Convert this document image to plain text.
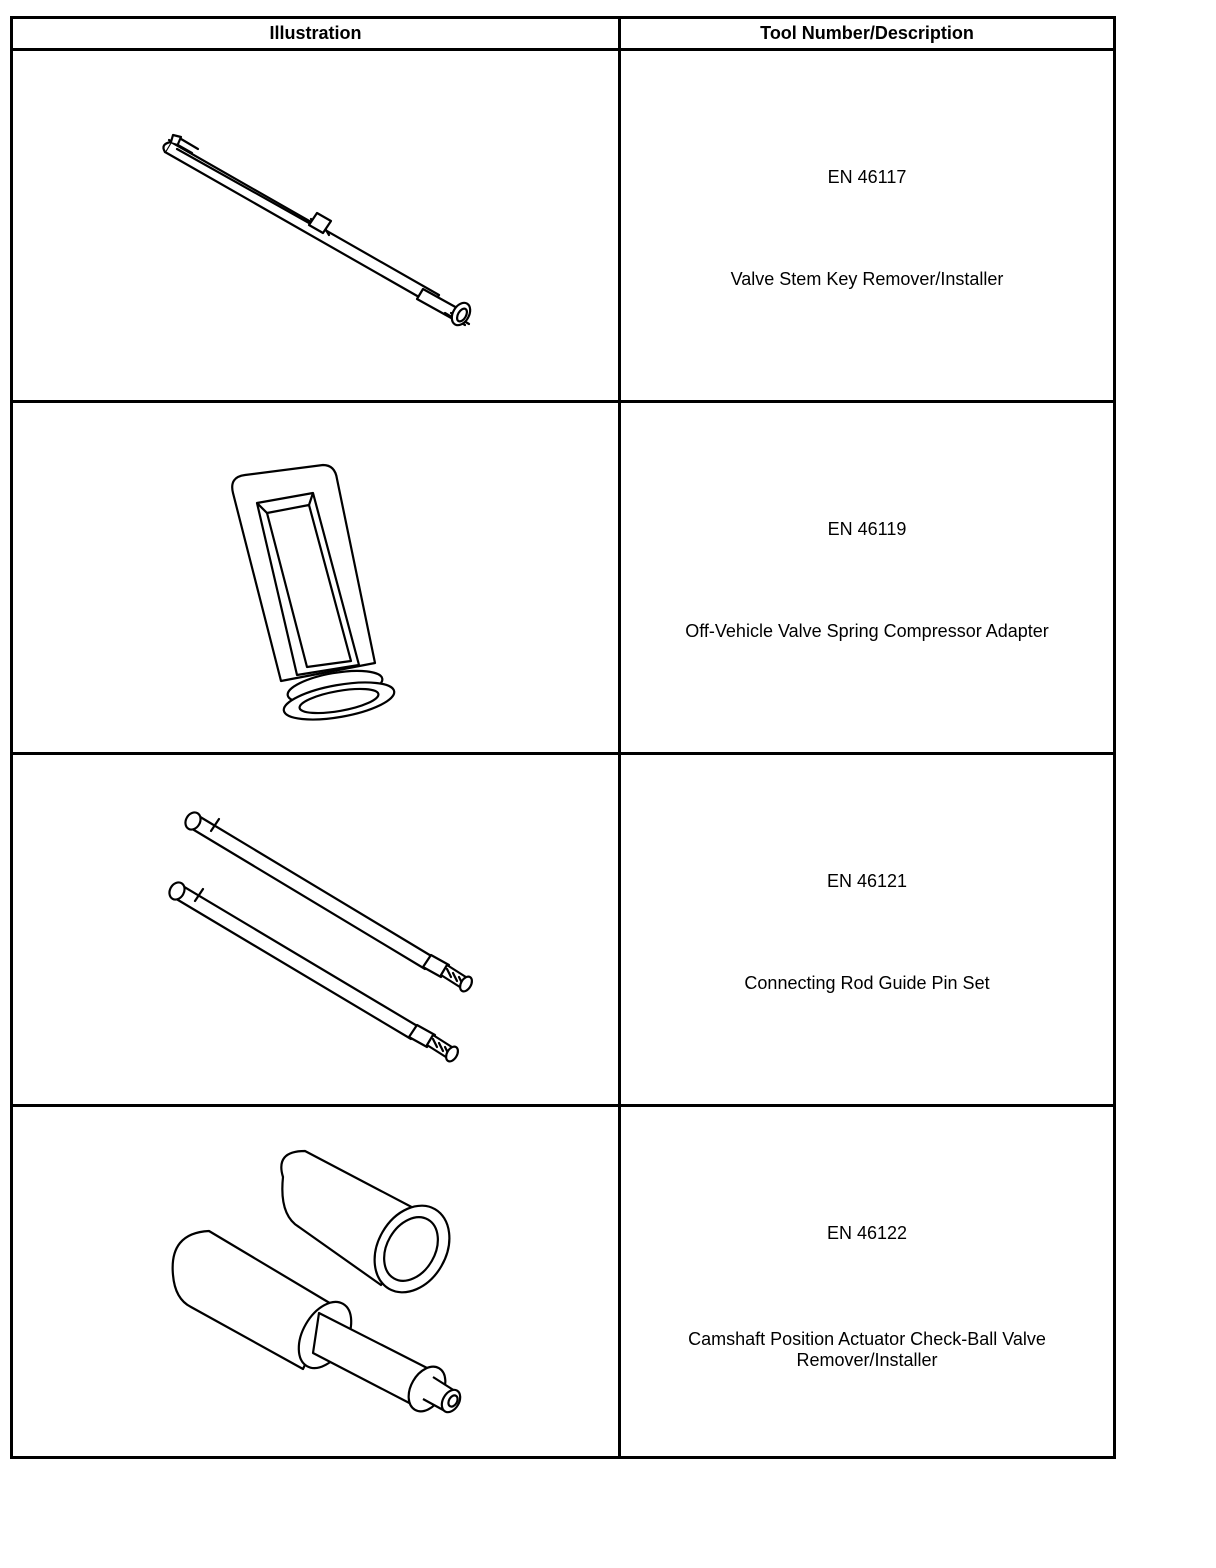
Illustration	Tool Number/Description

EN 46117
Valve Stem Key Remover/Installer

EN 46119
Off-Vehicle Valve Spring Compressor Adapter

EN 46121
Connecting Rod Guide Pin Set

EN 46122
Camshaft Position Actuator Check-Ball Valve Remover/Installer
